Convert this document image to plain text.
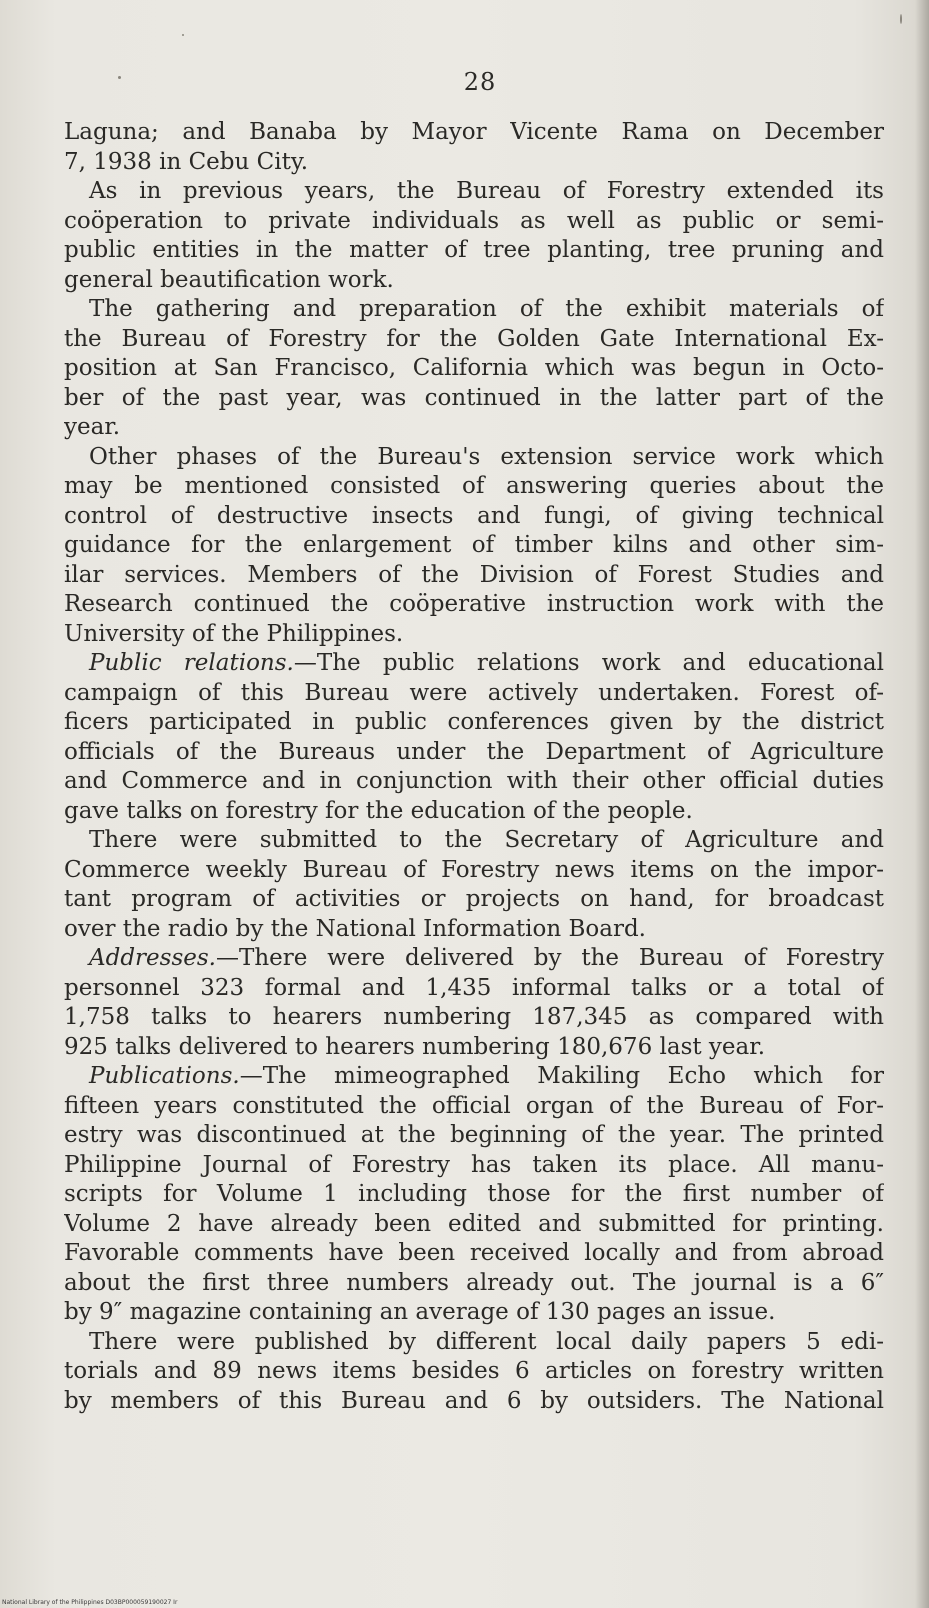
28
Laguna; and Banaba by Mayor Vicente Rama on December
7, 1938 in Cebu City.
As in previous years, the Bureau of Forestry extended its
coöperation to private individuals as well as public or semi-
public entities in the matter of tree planting, tree pruning and
general beautification work.
The gathering and preparation of the exhibit materials of
the Bureau of Forestry for the Golden Gate International Ex-
position at San Francisco, California which was begun in Octo-
ber of the past year, was continued in the latter part of the
year.
Other phases of the Bureau's extension service work which
may be mentioned consisted of answering queries about the
control of destructive insects and fungi, of giving technical
guidance for the enlargement of timber kilns and other sim-
ilar services. Members of the Division of Forest Studies and
Research continued the coöperative instruction work with the
University of the Philippines.
Public relations.—The public relations work and educational
campaign of this Bureau were actively undertaken. Forest of-
ficers participated in public conferences given by the district
officials of the Bureaus under the Department of Agriculture
and Commerce and in conjunction with their other official duties
gave talks on forestry for the education of the people.
There were submitted to the Secretary of Agriculture and
Commerce weekly Bureau of Forestry news items on the impor-
tant program of activities or projects on hand, for broadcast
over the radio by the National Information Board.
Addresses.—There were delivered by the Bureau of Forestry
personnel 323 formal and 1,435 informal talks or a total of
1,758 talks to hearers numbering 187,345 as compared with
925 talks delivered to hearers numbering 180,676 last year.
Publications.—The mimeographed Makiling Echo which for
fifteen years constituted the official organ of the Bureau of For-
estry was discontinued at the beginning of the year. The printed
Philippine Journal of Forestry has taken its place. All manu-
scripts for Volume 1 including those for the first number of
Volume 2 have already been edited and submitted for printing.
Favorable comments have been received locally and from abroad
about the first three numbers already out. The journal is a 6″
by 9″ magazine containing an average of 130 pages an issue.
There were published by different local daily papers 5 edi-
torials and 89 news items besides 6 articles on forestry written
by members of this Bureau and 6 by outsiders. The National
National Library of the Philippines D03BP000059190027 Ir
